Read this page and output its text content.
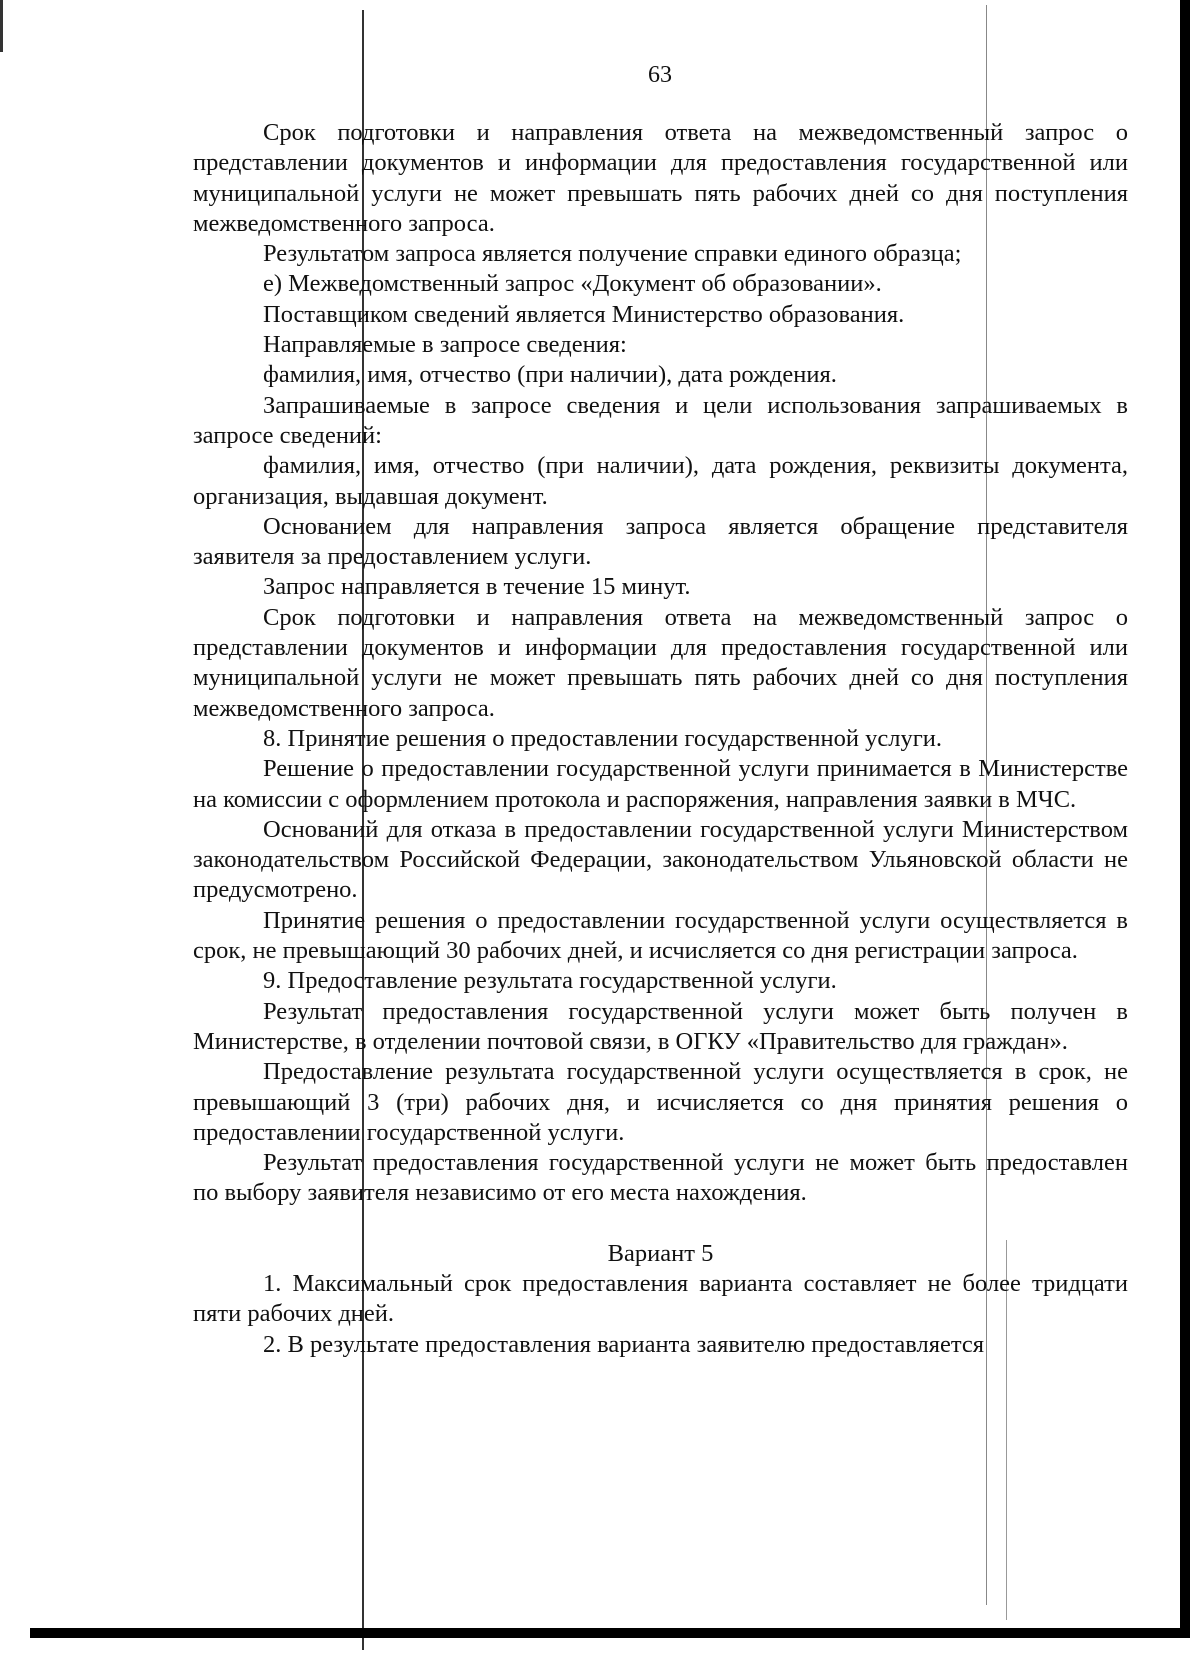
63

Срок подготовки и направления ответа на межведомственный запрос о представлении документов и информации для предоставления государственной или муниципальной услуги не может превышать пять рабочих дней со дня поступления межведомственного запроса.

Результатом запроса является получение справки единого образца;

е) Межведомственный запрос «Документ об образовании».

Поставщиком сведений является Министерство образования.

Направляемые в запросе сведения:

фамилия, имя, отчество (при наличии), дата рождения.

Запрашиваемые в запросе сведения и цели использования запрашиваемых в запросе сведений:

фамилия, имя, отчество (при наличии), дата рождения, реквизиты документа, организация, выдавшая документ.

Основанием для направления запроса является обращение представителя заявителя за предоставлением услуги.

Запрос направляется в течение 15 минут.

Срок подготовки и направления ответа на межведомственный запрос о представлении документов и информации для предоставления государственной или муниципальной услуги не может превышать пять рабочих дней со дня поступления межведомственного запроса.

8. Принятие решения о предоставлении государственной услуги.

Решение о предоставлении государственной услуги принимается в Министерстве на комиссии с оформлением протокола и распоряжения, направления заявки в МЧС.

Оснований для отказа в предоставлении государственной услуги Министерством законодательством Российской Федерации, законодательством Ульяновской области не предусмотрено.

Принятие решения о предоставлении государственной услуги осуществляется в срок, не превышающий 30 рабочих дней, и исчисляется со дня регистрации запроса.

9. Предоставление результата государственной услуги.

Результат предоставления государственной услуги может быть получен в Министерстве, в отделении почтовой связи, в ОГКУ «Правительство для граждан».

Предоставление результата государственной услуги осуществляется в срок, не превышающий 3 (три) рабочих дня, и исчисляется со дня принятия решения о предоставлении государственной услуги.

Результат предоставления государственной услуги не может быть предоставлен по выбору заявителя независимо от его места нахождения.

Вариант 5

1. Максимальный срок предоставления варианта составляет не более тридцати пяти рабочих дней.

2. В результате предоставления варианта заявителю предоставляется
